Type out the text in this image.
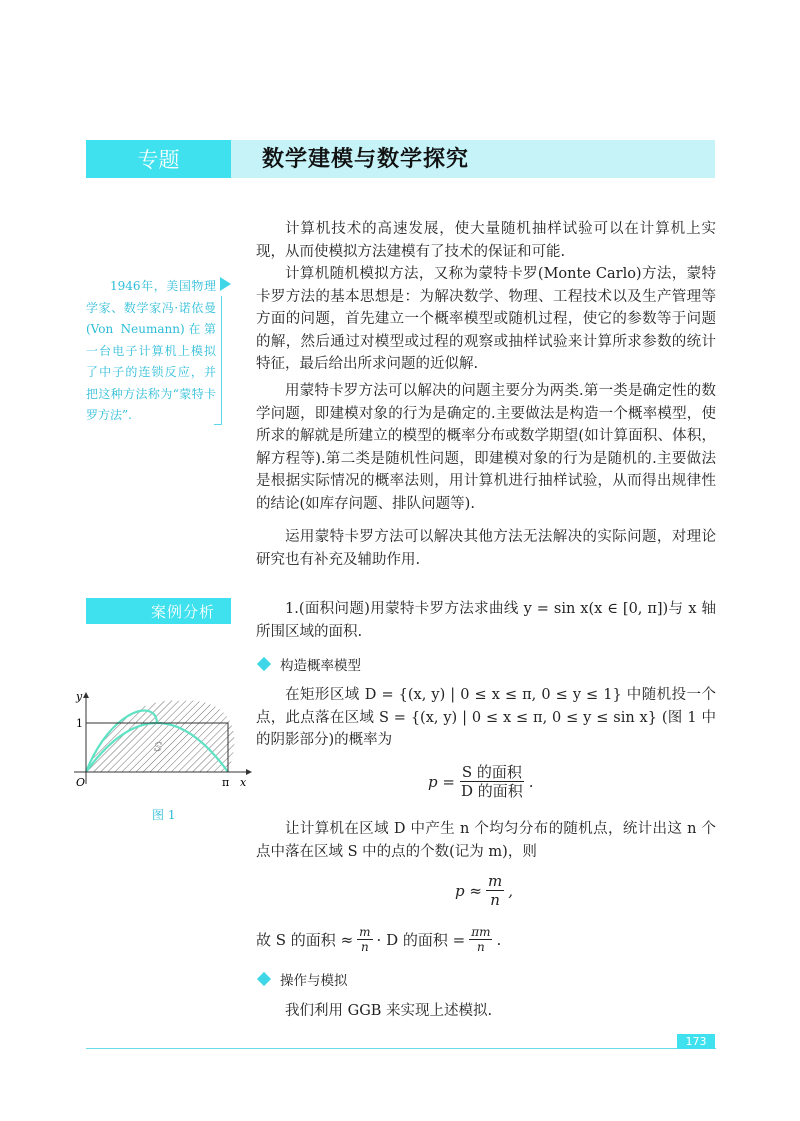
专题	数学建模与数学探究

计算机技术的高速发展，使大量随机抽样试验可以在计算机上实现，从而使模拟方法建模有了技术的保证和可能.

计算机随机模拟方法，又称为蒙特卡罗(Monte Carlo)方法，蒙特卡罗方法的基本思想是：为解决数学、物理、工程技术以及生产管理等方面的问题，首先建立一个概率模型或随机过程，使它的参数等于问题的解，然后通过对模型或过程的观察或抽样试验来计算所求参数的统计特征，最后给出所求问题的近似解.

用蒙特卡罗方法可以解决的问题主要分为两类.第一类是确定性的数学问题，即建模对象的行为是确定的.主要做法是构造一个概率模型，使所求的解就是所建立的模型的概率分布或数学期望(如计算面积、体积，解方程等).第二类是随机性问题，即建模对象的行为是随机的.主要做法是根据实际情况的概率法则，用计算机进行抽样试验，从而得出规律性的结论(如库存问题、排队问题等).

运用蒙特卡罗方法可以解决其他方法无法解决的实际问题，对理论研究也有补充及辅助作用.

1946年，美国物理学家、数学家冯·诺依曼(Von Neumann)在第一台电子计算机上模拟了中子的连锁反应，并把这种方法称为“蒙特卡罗方法”.

案例分析	1.(面积问题)用蒙特卡罗方法求曲线 y = sin x(x ∈ [0, π])与 x 轴所围区域的面积.

构造概率模型

在矩形区域 D = {(x, y) | 0 ≤ x ≤ π, 0 ≤ y ≤ 1} 中随机投一个点，此点落在区域 S = {(x, y) | 0 ≤ x ≤ π, 0 ≤ y ≤ sin x} (图 1 中的阴影部分)的概率为

$p = \frac{\text{S 的面积}}{\text{D 的面积}}$ .

让计算机在区域 D 中产生 n 个均匀分布的随机点，统计出这 n 个点中落在区域 S 中的点的个数(记为 m)，则

$p \approx \frac{m}{n}$ ,
故 S 的面积 ≈ $\frac{m}{n} \cdot D$ 的面积 = $\frac{\pi m}{n}$ .
操作与模拟

我们利用 GGB 来实现上述模拟.

y
x
O
1
π
S
图 1
173
